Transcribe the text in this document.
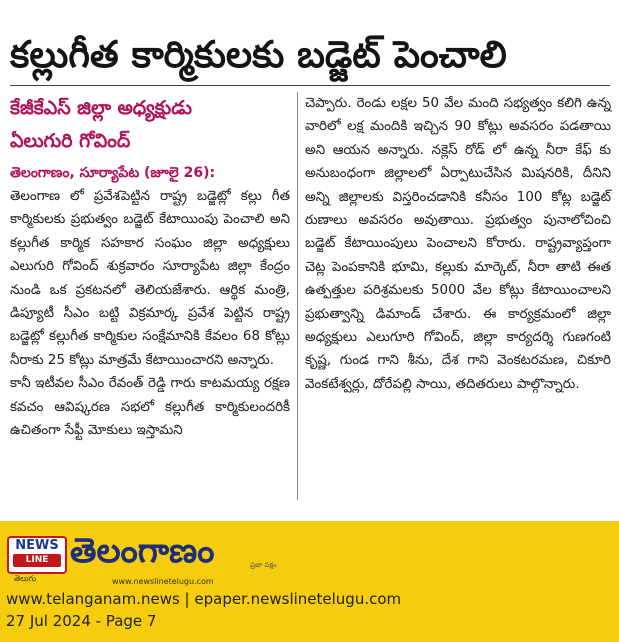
కల్లుగీత కార్మికులకు బడ్జెట్ పెంచాలి
కేజీకేఎస్ జిల్లా అధ్యక్షుడు
ఏలుగురి గోవింద్
తెలంగాణం, సూర్యాపేట (జూలై 26):

తెలంగాణ లో ప్రవేశపెట్టిన రాష్ట్ర బడ్జెట్లో కల్లు గీత కార్మికులకు ప్రభుత్వం బడ్జెట్ కేటాయింపు పెంచాలి అని కల్లుగీత కార్మిక సహకార సంఘం జిల్లా అధ్యక్షులు ఎలుగురి గోవింద్ శుక్రవారం సూర్యాపేట జిల్లా కేంద్రం నుండి ఒక ప్రకటనలో తెలియజేశారు. ఆర్థిక మంత్రి, డిప్యూటీ సీఎం బట్టి విక్రమార్క ప్రవేశ పెట్టిన రాష్ట్ర బడ్జెట్లో కల్లుగీత కార్మికుల సంక్షేమానికి కేవలం 68 కోట్లు నీరాకు 25 కోట్లు మాత్రమే కేటాయించారని అన్నారు.

కానీ ఇటీవల సీఎం రేవంత్ రెడ్డి గారు కాటమయ్య రక్షణ కవచం ఆవిష్కరణ సభలో కల్లుగీత కార్మికులందరికీ ఉచితంగా సేఫ్టీ మోకులు ఇస్తామని

చెప్పారు. రెండు లక్షల 50 వేల మంది సభ్యత్వం కలిగి ఉన్న వారిలో లక్ష మందికి ఇచ్చిన 90 కోట్లు అవసరం పడతాయి అని ఆయన అన్నారు. నక్లెస్ రోడ్ లో ఉన్న నీరా కేఫ్ కు అనుబంధంగా జిల్లాలలో ఏర్పాటుచేసిన మిషనరికి, దీనిని అన్ని జిల్లాలకు విస్తరించడానికి కనీసం 100 కోట్ల బడ్జెట్ రుణాలు అవసరం అవుతాయి. ప్రభుత్వం పునాలోచించి బడ్జెట్ కేటాయింపులు పెంచాలని కోరారు. రాష్ట్రవ్యాప్తంగా చెట్ల పెంపకానికి భూమి, కల్లుకు మార్కెట్, నీరా తాటి ఈత ఉత్పత్తుల పరిశ్రమలకు 5000 వేల కోట్లు కేటాయించాలని ప్రభుత్వాన్ని డిమాండ్ చేశారు. ఈ కార్యక్రమంలో జిల్లా అధ్యక్షులు ఎలుగూరి గోవింద్, జిల్లా కార్యదర్శి గుణగంటి కృష్ణ, గుండ గాని శీను, దేశ గాని వెంకటరమణ, చికూరి వెంకటేశ్వర్లు, దోరేపల్లి సాయి, తదితరులు పాల్గొన్నారు.

NEWS
LINE
తెలుగు
తెలంగాణం	ప్రజా పక్షం
www.newslinetelugu.com
www.telanganam.news | epaper.newslinetelugu.com
27 Jul 2024 - Page 7
